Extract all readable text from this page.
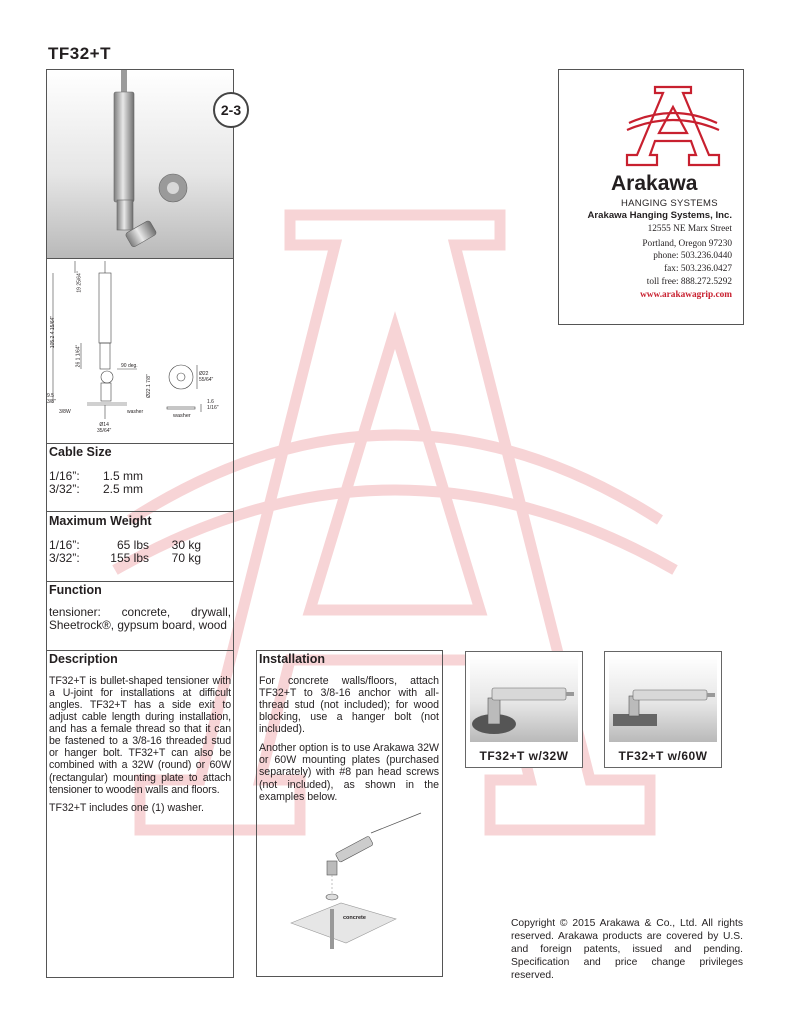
TF32+T
2-3
19 25/64"
105.2 4 15/64"
26 1 1/64"
90 deg.
9.5
3/8"
3/8W
Ø14
35/64"
washer
Ø22.1 7/8"
Ø22
55/64"
washer
1.6
1/16"
Cable Size
1/16”:	1.5 mm
3/32”:	2.5 mm
Maximum Weight
1/16”:	65 lbs	30 kg
3/32”:	155 lbs	70 kg
Function
tensioner: concrete, drywall, Sheetrock®, gypsum board, wood
Description
TF32+T is bullet-shaped tensioner with a U-joint for installations at difficult angles. TF32+T has a side exit to adjust cable length during installation, and has a female thread so that it can be fastened to a 3/8-16 threaded stud or hanger bolt. TF32+T can also be combined with a 32W (round) or 60W (rectangular) mounting plate to attach tensioner to wooden walls and floors.
TF32+T includes one (1) washer.
Installation
For concrete walls/floors, attach TF32+T to 3/8-16 anchor with all-thread stud (not included); for wood blocking, use a hanger bolt (not included).
Another option is to use Arakawa 32W or 60W mounting plates (purchased separately) with #8 pan head screws (not included), as shown in the examples below.
concrete
Arakawa
HANGING SYSTEMS
Arakawa Hanging Systems, Inc.
12555 NE Marx Street
Portland, Oregon 97230
phone: 503.236.0440
fax: 503.236.0427
toll free: 888.272.5292
www.arakawagrip.com
TF32+T w/32W	TF32+T w/60W
Copyright © 2015 Arakawa & Co., Ltd. All rights reserved. Arakawa products are covered by U.S. and foreign patents, issued and pending. Specification and price change privileges reserved.
